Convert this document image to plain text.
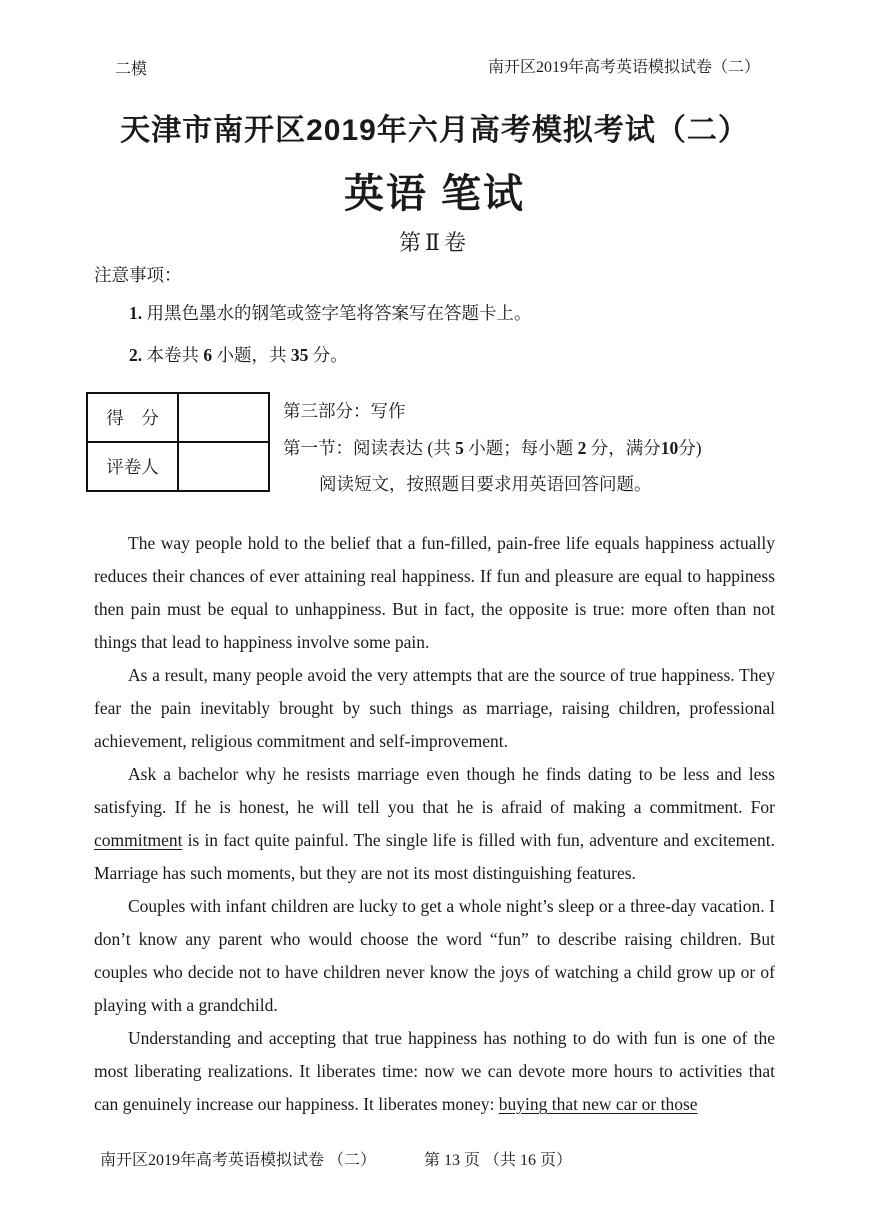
二模	南开区2019年高考英语模拟试卷（二）
天津市南开区2019年六月高考模拟考试（二）
英语 笔试
第Ⅱ卷
注意事项：
1. 用黑色墨水的钢笔或签字笔将答案写在答题卡上。
2. 本卷共 6 小题，共 35 分。
得　分	
评卷人	
第三部分：写作
第一节：阅读表达 (共 5 小题；每小题 2 分，满分10分)
阅读短文，按照题目要求用英语回答问题。

The way people hold to the belief that a fun-filled, pain-free life equals happiness actually reduces their chances of ever attaining real happiness. If fun and pleasure are equal to happiness then pain must be equal to unhappiness. But in fact, the opposite is true: more often than not things that lead to happiness involve some pain.

As a result, many people avoid the very attempts that are the source of true happiness. They fear the pain inevitably brought by such things as marriage, raising children, professional achievement, religious commitment and self-improvement.

Ask a bachelor why he resists marriage even though he finds dating to be less and less satisfying. If he is honest, he will tell you that he is afraid of making a commitment. For commitment is in fact quite painful. The single life is filled with fun, adventure and excitement. Marriage has such moments, but they are not its most distinguishing features.

Couples with infant children are lucky to get a whole night’s sleep or a three-day vacation. I don’t know any parent who would choose the word “fun” to describe raising children. But couples who decide not to have children never know the joys of watching a child grow up or of playing with a grandchild.

Understanding and accepting that true happiness has nothing to do with fun is one of the most liberating realizations. It liberates time: now we can devote more hours to activities that can genuinely increase our happiness. It liberates money: buying that new car or those

南开区2019年高考英语模拟试卷 （二）	第 13 页 （共 16 页）
